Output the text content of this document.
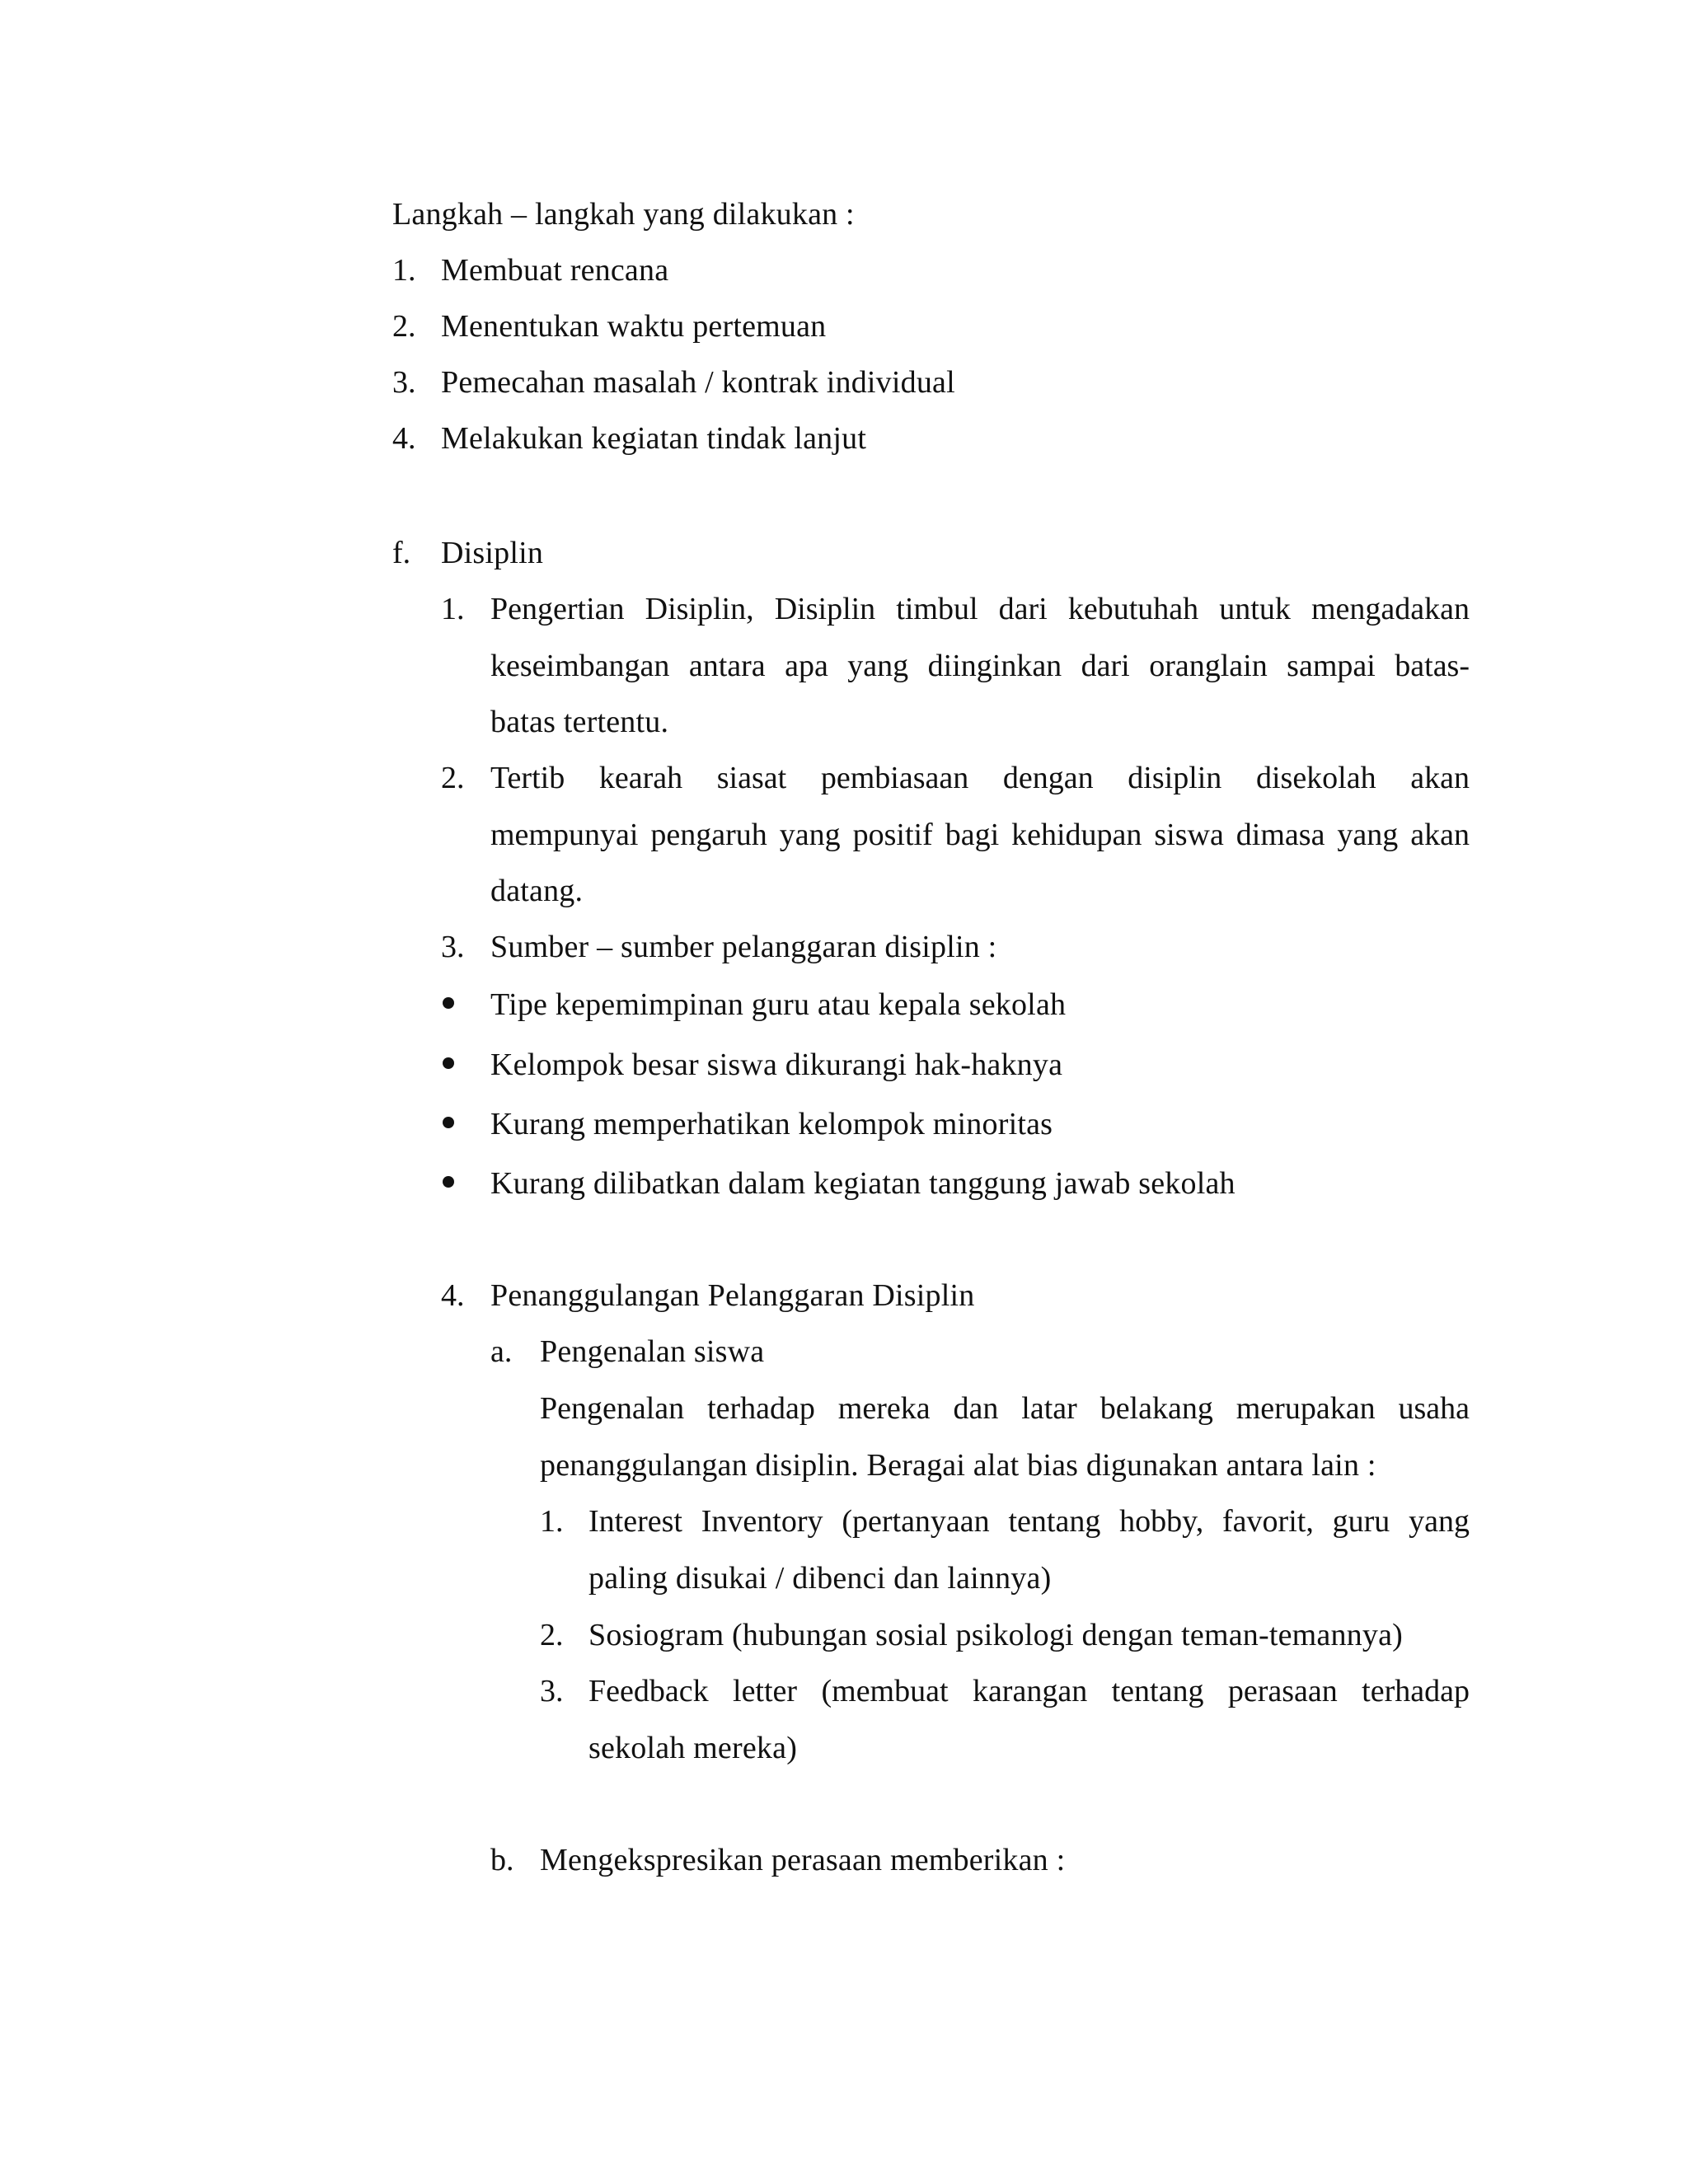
Langkah – langkah yang dilakukan :
1. Membuat rencana
2. Menentukan waktu pertemuan
3. Pemecahan masalah / kontrak individual
4. Melakukan kegiatan tindak lanjut
f. Disiplin
1. Pengertian Disiplin, Disiplin timbul dari kebutuhah untuk mengadakan
keseimbangan antara apa yang diinginkan dari oranglain sampai batas-
batas tertentu.
2. Tertib kearah siasat pembiasaan dengan disiplin disekolah akan
mempunyai pengaruh yang positif bagi kehidupan siswa dimasa yang akan
datang.
3. Sumber – sumber pelanggaran disiplin :
Tipe kepemimpinan guru atau kepala sekolah
Kelompok besar siswa dikurangi hak-haknya
Kurang memperhatikan kelompok minoritas
Kurang dilibatkan dalam kegiatan tanggung jawab sekolah
4. Penanggulangan Pelanggaran Disiplin
a. Pengenalan siswa
Pengenalan terhadap mereka dan latar belakang merupakan usaha
penanggulangan disiplin. Beragai alat bias digunakan antara lain :
1. Interest Inventory (pertanyaan tentang hobby, favorit, guru yang
paling disukai / dibenci dan lainnya)
2. Sosiogram (hubungan sosial psikologi dengan teman-temannya)
3. Feedback letter (membuat karangan tentang perasaan terhadap
sekolah mereka)
b. Mengekspresikan perasaan memberikan :
